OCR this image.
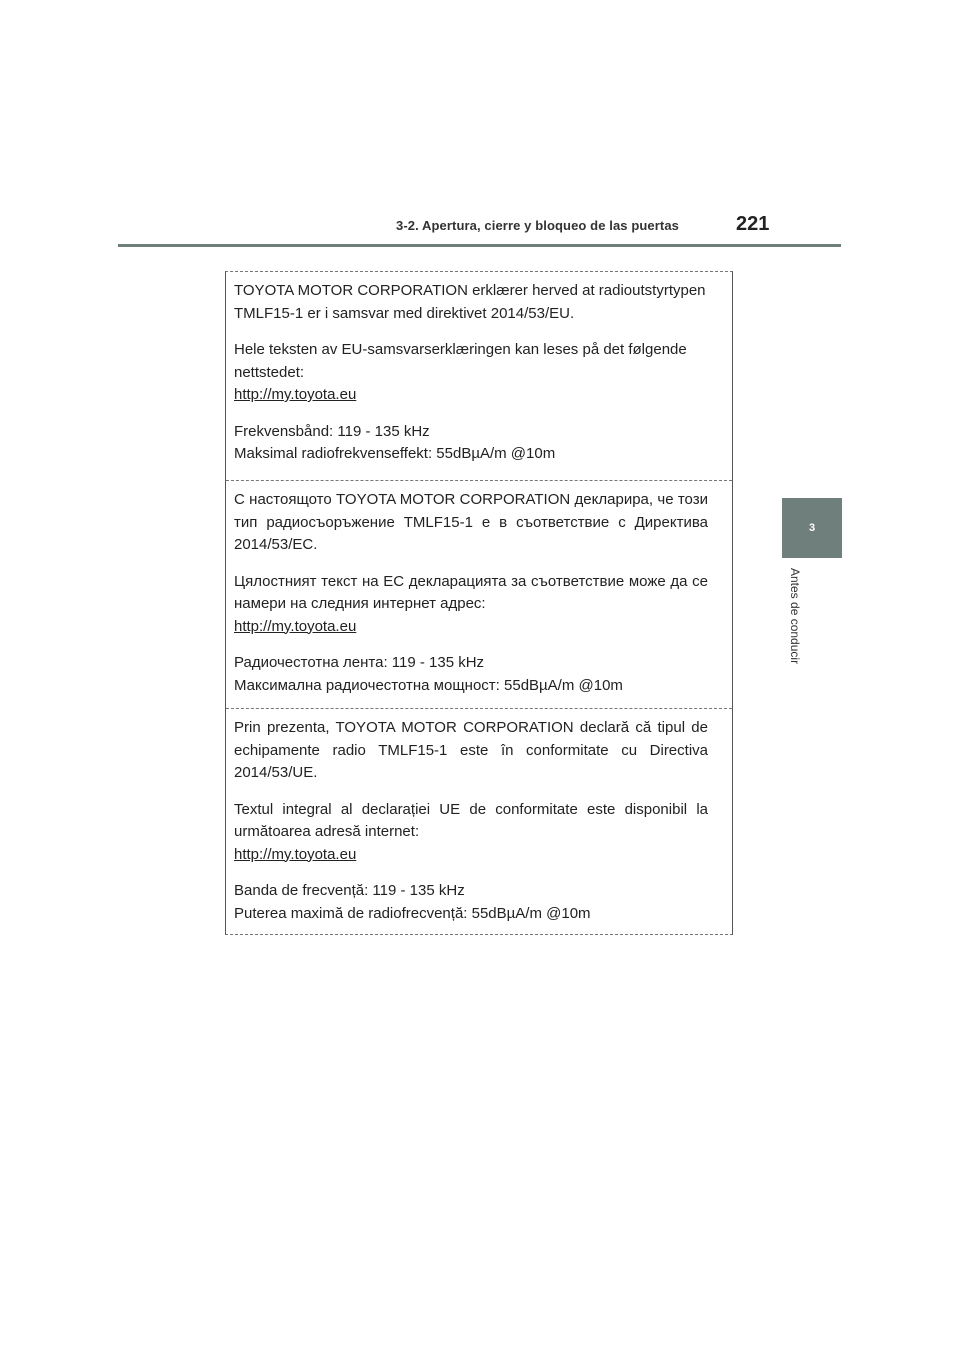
3-2. Apertura, cierre y bloqueo de las puertas	221
3
Antes de conducir

TOYOTA MOTOR CORPORATION erklærer herved at radioutstyrtypen TMLF15-1 er i samsvar med direktivet 2014/53/EU.

Hele teksten av EU-samsvarserklæringen kan leses på det følgende nettstedet:
http://my.toyota.eu

Frekvensbånd: 119 - 135 kHz
Maksimal radiofrekvenseffekt: 55dBµA/m @10m

С настоящото TOYOTA MOTOR CORPORATION декларира, че този тип радиосъоръжение TMLF15-1 е в съответствие с Директива 2014/53/ЕС.

Цялостният текст на ЕС декларацията за съответствие може да се намери на следния интернет адрес:
http://my.toyota.eu

Радиочестотна лента: 119 - 135 kHz
Максимална радиочестотна мощност: 55dBµA/m @10m

Prin prezenta, TOYOTA MOTOR CORPORATION declară că tipul de echipamente radio TMLF15-1 este în conformitate cu Directiva 2014/53/UE.

Textul integral al declarației UE de conformitate este disponibil la următoarea adresă internet:
http://my.toyota.eu

Banda de frecvență: 119 - 135 kHz
Puterea maximă de radiofrecvență: 55dBµA/m @10m
